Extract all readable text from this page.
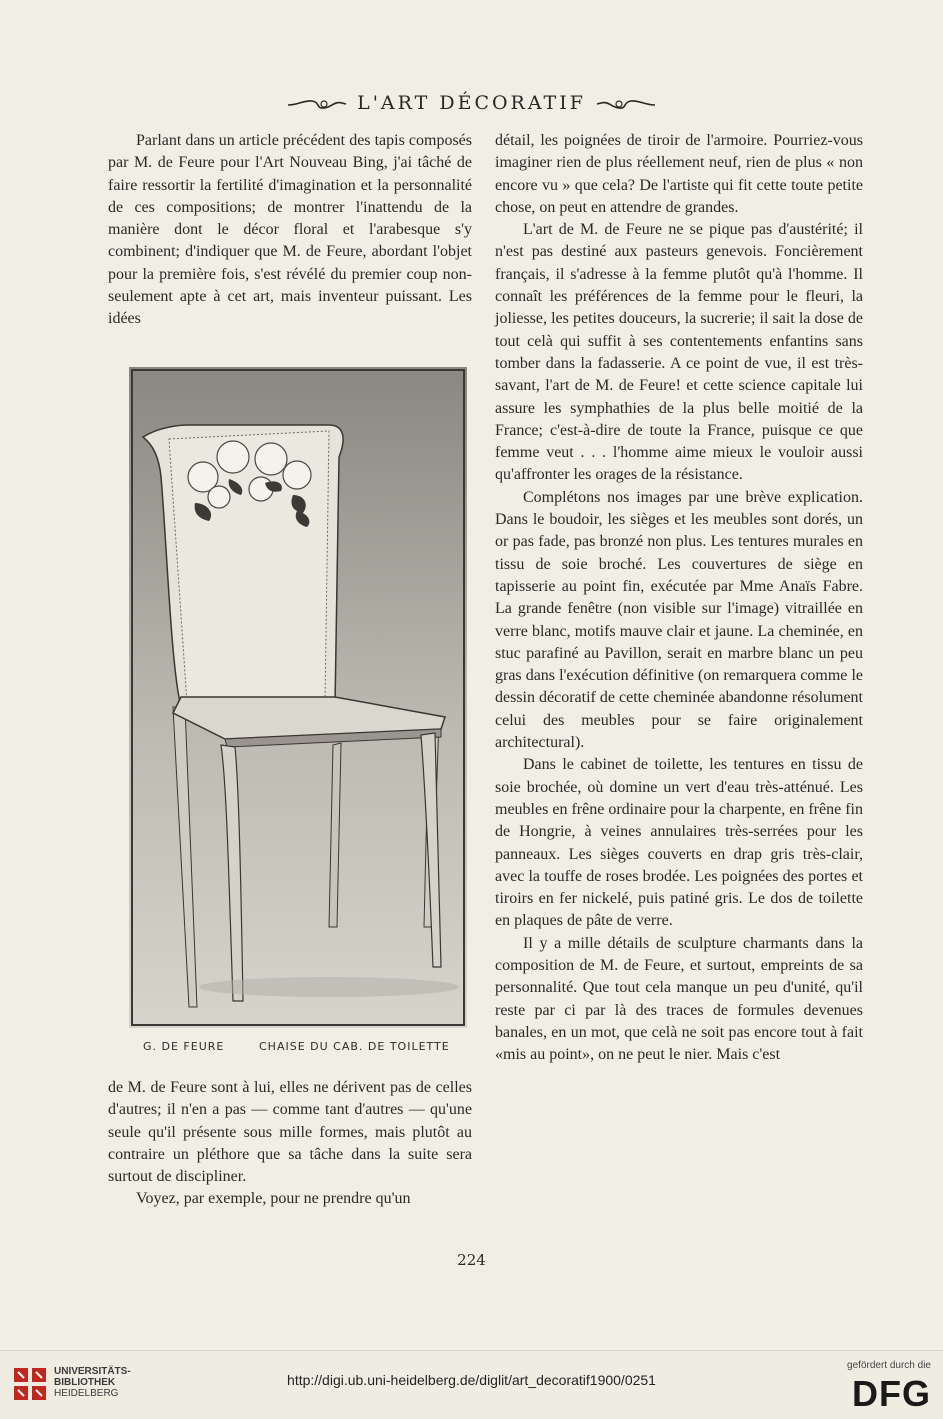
L'ART DÉCORATIF

Parlant dans un article précédent des tapis composés par M. de Feure pour l'Art Nouveau Bing, j'ai tâché de faire ressortir la fertilité d'imagination et la personnalité de ces compositions; de montrer l'inattendu de la manière dont le décor floral et l'arabesque s'y combinent; d'indiquer que M. de Feure, abordant l'objet pour la première fois, s'est révélé du premier coup non-seulement apte à cet art, mais inventeur puissant. Les idées

G. DE FEURE	CHAISE DU CAB. DE TOILETTE

de M. de Feure sont à lui, elles ne dérivent pas de celles d'autres; il n'en a pas — comme tant d'autres — qu'une seule qu'il présente sous mille formes, mais plutôt au contraire un pléthore que sa tâche dans la suite sera surtout de discipliner.

Voyez, par exemple, pour ne prendre qu'un

détail, les poignées de tiroir de l'armoire. Pourriez-vous imaginer rien de plus réellement neuf, rien de plus « non encore vu » que cela? De l'artiste qui fit cette toute petite chose, on peut en attendre de grandes.

L'art de M. de Feure ne se pique pas d'austérité; il n'est pas destiné aux pasteurs genevois. Foncièrement français, il s'adresse à la femme plutôt qu'à l'homme. Il connaît les préférences de la femme pour le fleuri, la joliesse, les petites douceurs, la sucrerie; il sait la dose de tout celà qui suffit à ses contentements enfantins sans tomber dans la fadasserie. A ce point de vue, il est très-savant, l'art de M. de Feure! et cette science capitale lui assure les symphathies de la plus belle moitié de la France; c'est-à-dire de toute la France, puisque ce que femme veut . . . l'homme aime mieux le vouloir aussi qu'affronter les orages de la résistance.

Complétons nos images par une brève explication. Dans le boudoir, les sièges et les meubles sont dorés, un or pas fade, pas bronzé non plus. Les tentures murales en tissu de soie broché. Les couvertures de siège en tapisserie au point fin, exécutée par Mme Anaïs Fabre. La grande fenêtre (non visible sur l'image) vitraillée en verre blanc, motifs mauve clair et jaune. La cheminée, en stuc parafiné au Pavillon, serait en marbre blanc un peu gras dans l'exécution définitive (on remarquera comme le dessin décoratif de cette cheminée abandonne résolument celui des meubles pour se faire originalement architectural).

Dans le cabinet de toilette, les tentures en tissu de soie brochée, où domine un vert d'eau très-atténué. Les meubles en frêne ordinaire pour la charpente, en frêne fin de Hongrie, à veines annulaires très-serrées pour les panneaux. Les sièges couverts en drap gris très-clair, avec la touffe de roses brodée. Les poignées des portes et tiroirs en fer nickelé, puis patiné gris. Le dos de toilette en plaques de pâte de verre.

Il y a mille détails de sculpture charmants dans la composition de M. de Feure, et surtout, empreints de sa personnalité. Que tout cela manque un peu d'unité, qu'il reste par ci par là des traces de formules devenues banales, en un mot, que celà ne soit pas encore tout à fait «mis au point», on ne peut le nier. Mais c'est

224
UNIVERSITÄTS-
BIBLIOTHEK
HEIDELBERG
http://digi.ub.uni-heidelberg.de/diglit/art_decoratif1900/0251
gefördert durch die
DFG
